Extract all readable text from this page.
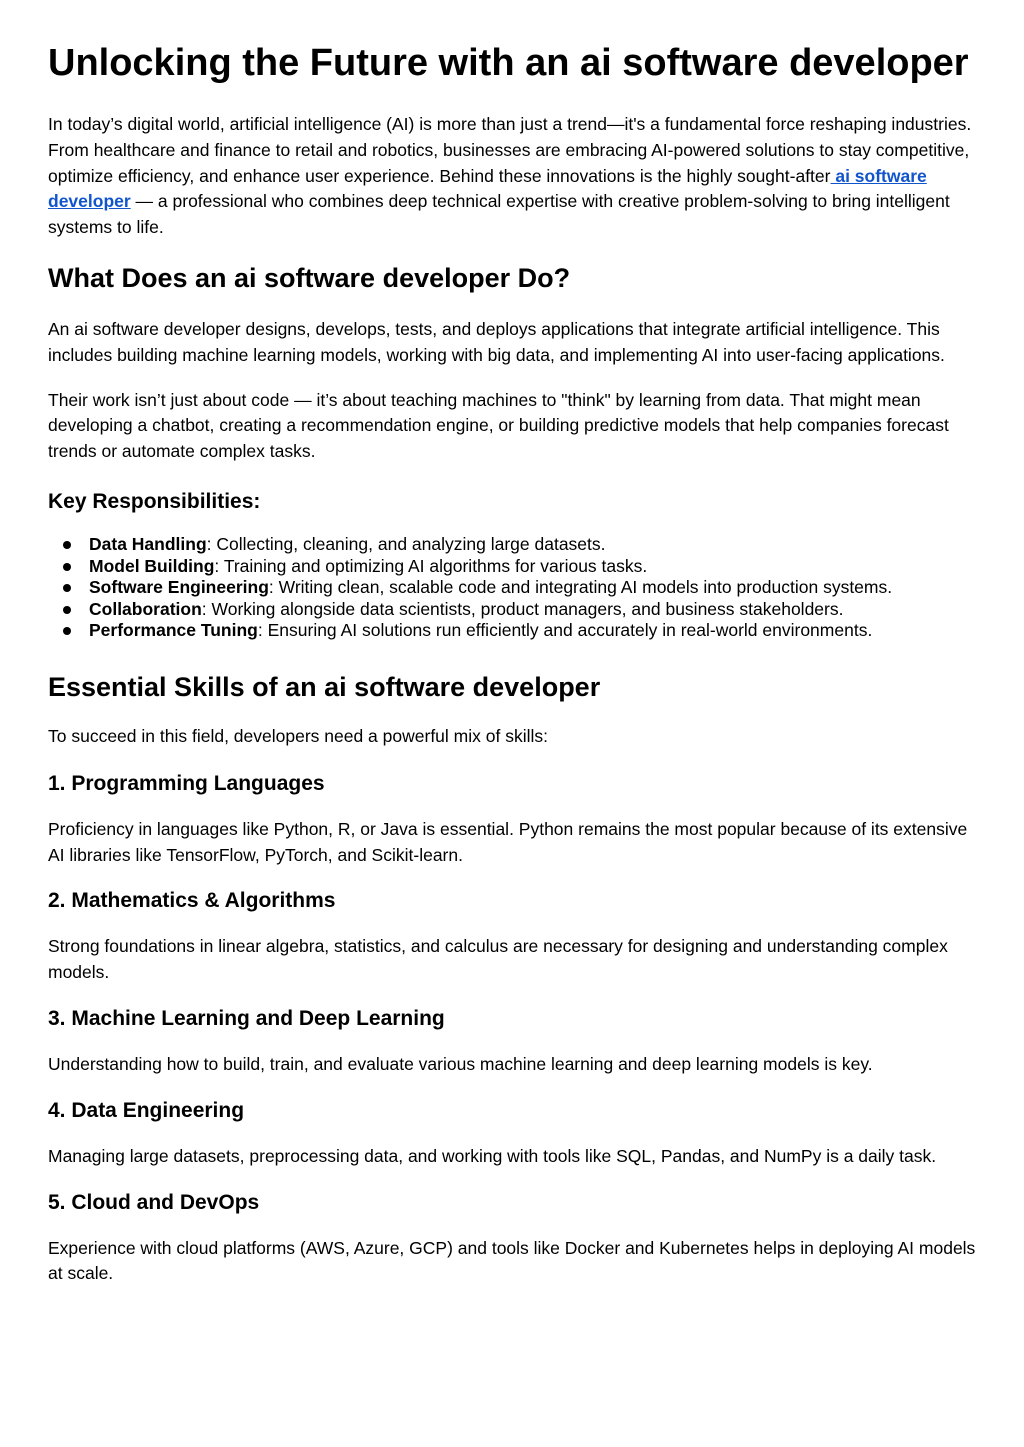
Unlocking the Future with an ai software developer

In today’s digital world, artificial intelligence (AI) is more than just a trend—it's a fundamental force reshaping industries. From healthcare and finance to retail and robotics, businesses are embracing AI-powered solutions to stay competitive, optimize efficiency, and enhance user experience. Behind these innovations is the highly sought-after ai software developer — a professional who combines deep technical expertise with creative problem-solving to bring intelligent systems to life.

What Does an ai software developer Do?

An ai software developer designs, develops, tests, and deploys applications that integrate artificial intelligence. This includes building machine learning models, working with big data, and implementing AI into user-facing applications.

Their work isn’t just about code — it’s about teaching machines to "think" by learning from data. That might mean developing a chatbot, creating a recommendation engine, or building predictive models that help companies forecast trends or automate complex tasks.

Key Responsibilities:
Data Handling: Collecting, cleaning, and analyzing large datasets.
Model Building: Training and optimizing AI algorithms for various tasks.
Software Engineering: Writing clean, scalable code and integrating AI models into production systems.
Collaboration: Working alongside data scientists, product managers, and business stakeholders.
Performance Tuning: Ensuring AI solutions run efficiently and accurately in real-world environments.
Essential Skills of an ai software developer

To succeed in this field, developers need a powerful mix of skills:

1. Programming Languages

Proficiency in languages like Python, R, or Java is essential. Python remains the most popular because of its extensive AI libraries like TensorFlow, PyTorch, and Scikit-learn.

2. Mathematics & Algorithms

Strong foundations in linear algebra, statistics, and calculus are necessary for designing and understanding complex models.

3. Machine Learning and Deep Learning

Understanding how to build, train, and evaluate various machine learning and deep learning models is key.

4. Data Engineering

Managing large datasets, preprocessing data, and working with tools like SQL, Pandas, and NumPy is a daily task.

5. Cloud and DevOps

Experience with cloud platforms (AWS, Azure, GCP) and tools like Docker and Kubernetes helps in deploying AI models at scale.
